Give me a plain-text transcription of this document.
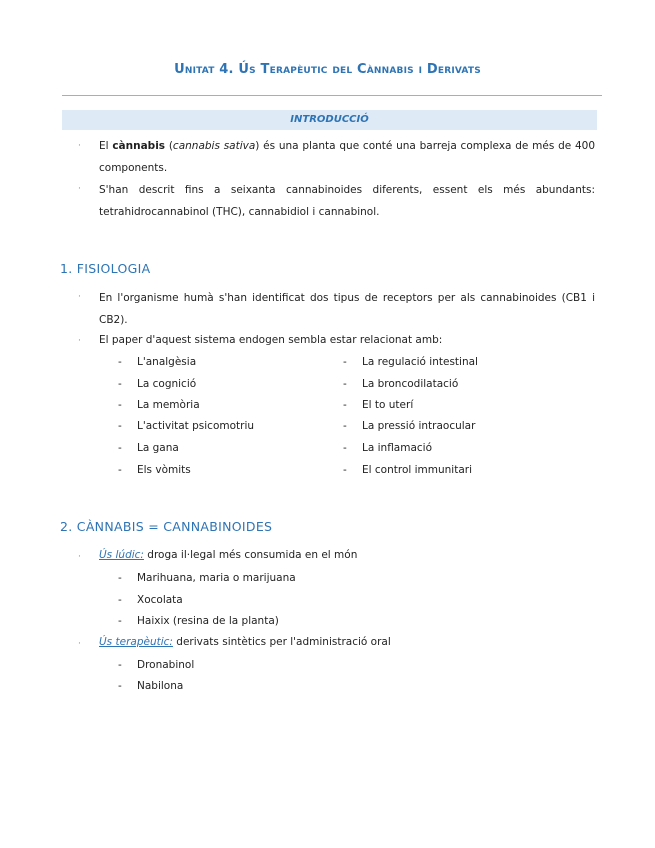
Unitat 4. Ús Terapèutic del Cànnabis i Derivats
INTRODUCCIÓ
· El cànnabis (cannabis sativa) és una planta que conté una barreja complexa de més de 400 components.
· S'han descrit fins a seixanta cannabinoides diferents, essent els més abundants: tetrahidrocannabinol (THC), cannabidiol i cannabinol.
1. FISIOLOGIA
· En l'organisme humà s'han identificat dos tipus de receptors per als cannabinoides (CB1 i CB2).
· El paper d'aquest sistema endogen sembla estar relacionat amb:
- L'analgèsia
- La cognició
- La memòria
- L'activitat psicomotriu
- La gana
- Els vòmits
- La regulació intestinal
- La broncodilatació
- El to uterí
- La pressió intraocular
- La inflamació
- El control immunitari
2. CÀNNABIS = CANNABINOIDES
· Ús lúdic: droga il·legal més consumida en el món
- Marihuana, maria o marijuana
- Xocolata
- Haixix (resina de la planta)
· Ús terapèutic: derivats sintètics per l'administració oral
- Dronabinol
- Nabilona
